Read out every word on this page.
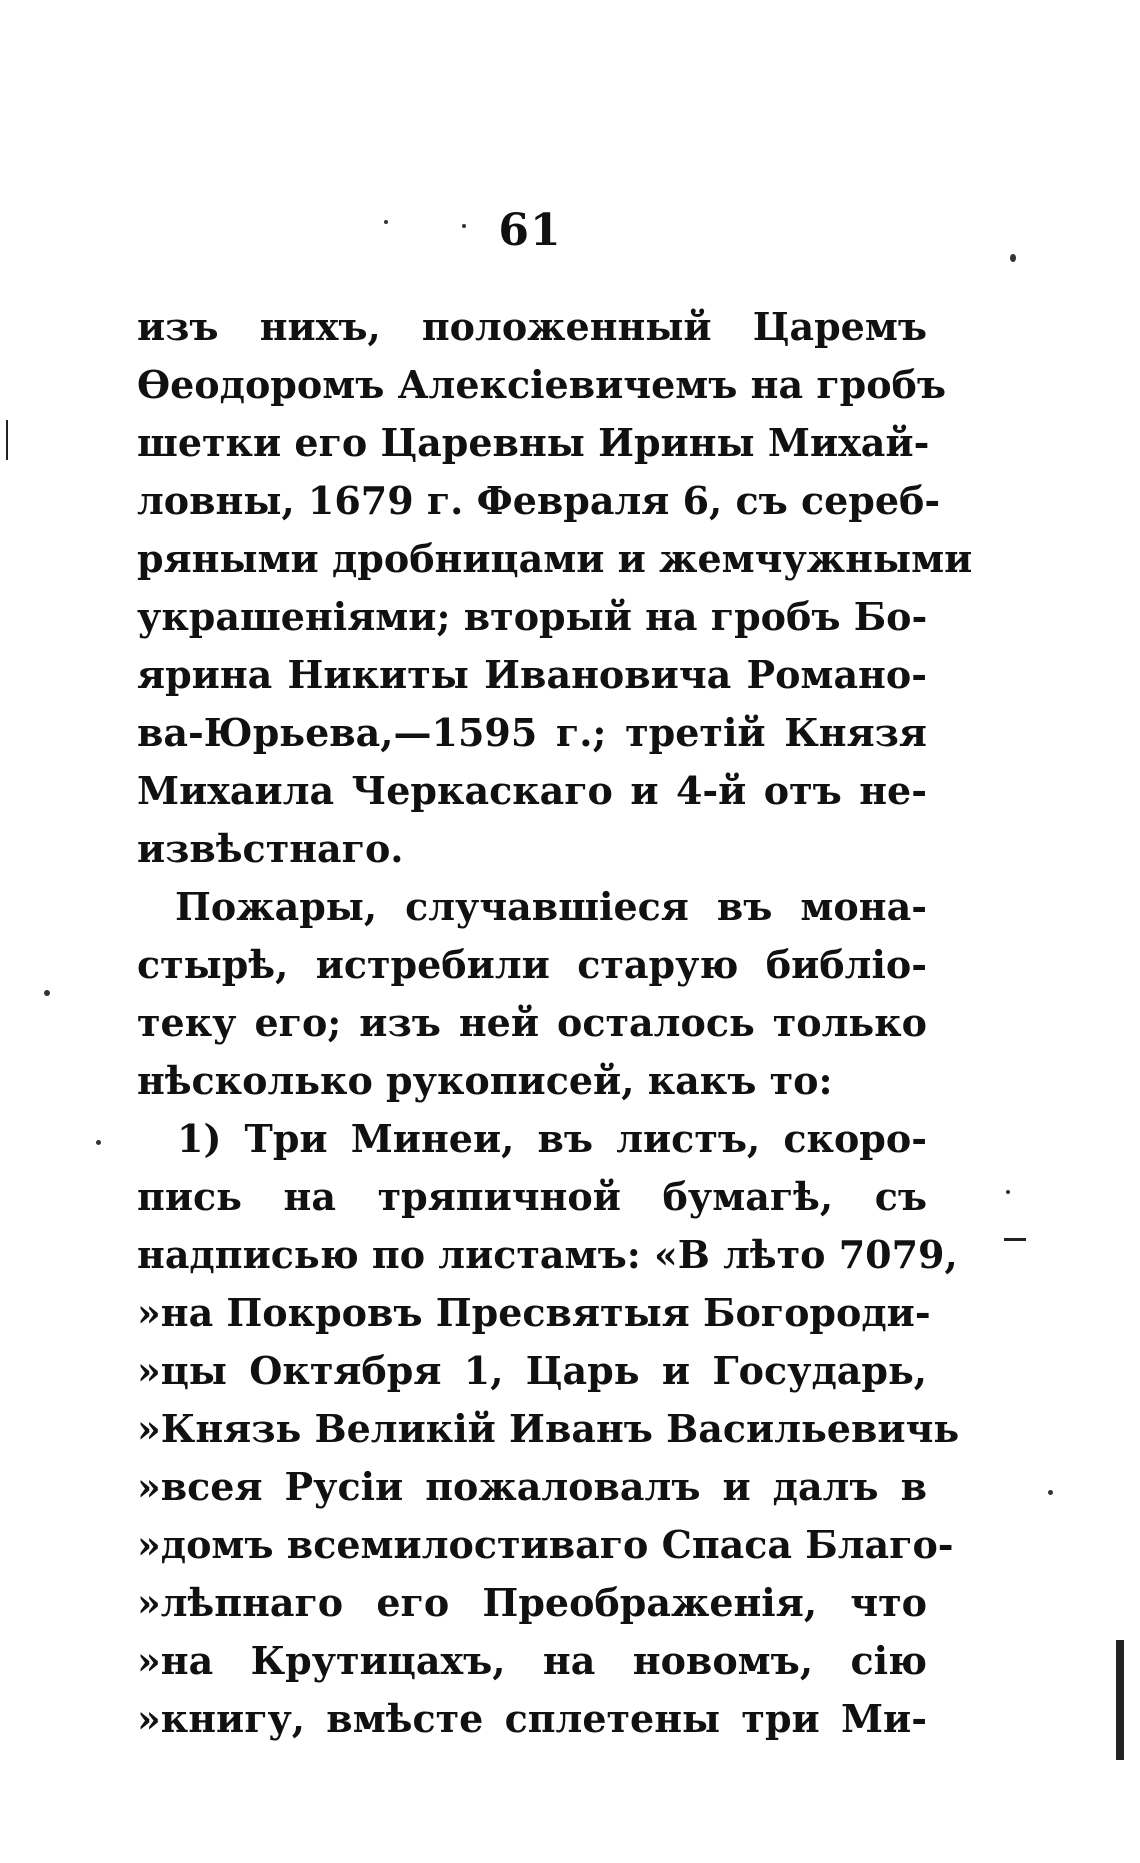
61
изъ нихъ, положенный Царемъ
Ѳеодоромъ Алексіевичемъ на гробъ
шетки его Царевны Ирины Михай-
ловны, 1679 г. Февраля 6, съ сереб-
ряными дробницами и жемчужными
украшеніями; вторый на гробъ Бо-
ярина Никиты Ивановича Романо-
ва-Юрьева,—1595 г.; третій Князя
Михаила Черкаскаго и 4-й отъ не-
извѣстнаго.
Пожары, случавшіеся въ мона-
стырѣ, истребили старую библіо-
теку его; изъ ней осталось только
нѣсколько рукописей, какъ то:
1) Три Минеи, въ листъ, скоро-
пись на тряпичной бумагѣ, съ
надписью по листамъ: «В лѣто 7079,
»на Покровъ Пресвятыя Богороди-
»цы Октября 1, Царь и Государь,
»Князь Великій Иванъ Васильевичь
»всея Русіи пожаловалъ и далъ в
»домъ всемилостиваго Спаса Благо-
»лѣпнаго его Преображенія, что
»на Крутицахъ, на новомъ, сію
»книгу, вмѣсте сплетены три Ми-
